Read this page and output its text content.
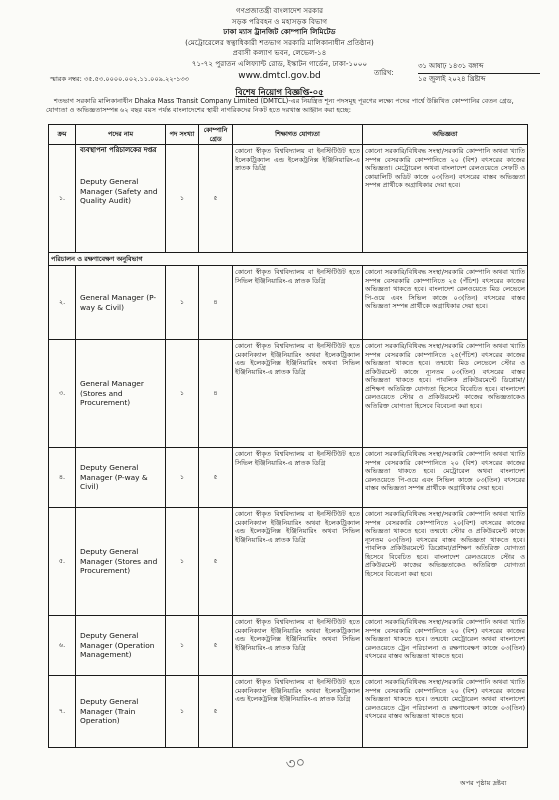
গণপ্রজাতন্ত্রী বাংলাদেশ সরকার
সড়ক পরিবহন ও মহাসড়ক বিভাগ
ঢাকা ম্যাস ট্রানজিট কোম্পানি লিমিটেড
(মেট্রোরেলের স্বত্বাধিকারী শতভাগ সরকারি মালিকানাধীন প্রতিষ্ঠান)
প্রবাসী কল্যাণ ভবন, লেভেল-১৪
৭১-৭২ পুরাতন এলিফ্যান্ট রোড, ইস্কাটন গার্ডেন, ঢাকা-১০০০
www.dmtcl.gov.bd	তারিখ:
৩১ আষাঢ় ১৪৩১ বঙ্গাব্দ
১৫ জুলাই ২০২৪ খ্রিষ্টাব্দ
স্মারক নম্বর: ৩৫.৫৩.০০০০.০০২.১১.০০৯.২২-১৩৩
বিশেষ নিয়োগ বিজ্ঞপ্তি-০৫
শতভাগ সরকারি মালিকানাধীন Dhaka Mass Transit Company Limited (DMTCL)-এর নিয়ন্ত্রিত শূন্য পদসমূহ পূরণের লক্ষ্যে পদের পার্শ্বে উল্লিখিত কোম্পানির বেতন গ্রেড, যোগ্যতা ও অভিজ্ঞতাসম্পন্ন ৬২ বছর বয়স পর্যন্ত বাংলাদেশের স্থায়ী নাগরিকদের নিকট হতে দরখাস্ত আহ্বান করা হচ্ছে:
ক্রম	পদের নাম	পদ সংখ্যা	কোম্পানি গ্রেড	শিক্ষাগত যোগ্যতা	অভিজ্ঞতা
১.	ব্যবস্থাপনা পরিচালকের দপ্তর
Deputy General Manager (Safety and Quality Audit)	১	৫	কোনো স্বীকৃত বিশ্ববিদ্যালয় বা ইনস্টিটিউট হতে ইলেকট্রিক্যাল এন্ড ইলেকট্রনিক্স ইঞ্জিনিয়ারিং-এ স্নাতক ডিগ্রি	কোনো সরকারি/বিধিবদ্ধ সংস্থা/সরকারি কোম্পানি অথবা খ্যাতি সম্পন্ন বেসরকারি কোম্পানিতে ২০ (বিশ) বৎসরের কাজের অভিজ্ঞতা। মেট্রোরেল অথবা বাংলাদেশ রেলওয়েতে সেফটি ও কোয়ালিটি অডিট কাজে ০৩(তিন) বৎসরের বাস্তব অভিজ্ঞতা সম্পন্ন প্রার্থীকে অগ্রাধিকার দেয়া হবে।
পরিচালন ও রক্ষণাবেক্ষণ অনুবিভাগ					
২.	General Manager (P-way & Civil)	১	৪	কোনো স্বীকৃত বিশ্ববিদ্যালয় বা ইনস্টিটিউট হতে সিভিল ইঞ্জিনিয়ারিং-এ স্নাতক ডিগ্রি	কোনো সরকারি/বিধিবদ্ধ সংস্থা/সরকারি কোম্পানি অথবা খ্যাতি সম্পন্ন বেসরকারি কোম্পানিতে ২৫ (পঁচিশ) বৎসরের কাজের অভিজ্ঞতা থাকতে হবে। বাংলাদেশ রেলওয়েতে মিড লেভেলে পি-ওয়ে এবং সিভিল কাজে ০৩(তিন) বৎসরের বাস্তব অভিজ্ঞতা সম্পন্ন প্রার্থীকে অগ্রাধিকার দেয়া হবে।
৩.	General Manager (Stores and Procurement)	১	৪	কোনো স্বীকৃত বিশ্ববিদ্যালয় বা ইনস্টিটিউট হতে মেকানিক্যাল ইঞ্জিনিয়ারিং অথবা ইলেকট্রিক্যাল এন্ড ইলেকট্রনিক্স ইঞ্জিনিয়ারিং অথবা সিভিল ইঞ্জিনিয়ারিং-এ স্নাতক ডিগ্রি	কোনো সরকারি/বিধিবদ্ধ সংস্থা/সরকারি কোম্পানি অথবা খ্যাতি সম্পন্ন বেসরকারি কোম্পানিতে ২৫(পঁচিশ) বৎসরের কাজের অভিজ্ঞতা থাকতে হবে। তন্মধ্যে মিড লেভেলে স্টোর ও প্রকিউরমেন্ট কাজে ন্যূনতম ০৩(তিন) বৎসরের বাস্তব অভিজ্ঞতা থাকতে হবে। পাবলিক প্রকিউরমেন্টে ডিপ্লোমা/প্রশিক্ষণ অতিরিক্ত যোগ্যতা হিসেবে বিবেচিত হবে। বাংলাদেশ রেলওয়েতে স্টোর ও প্রকিউরমেন্ট কাজের অভিজ্ঞতাকেও অতিরিক্ত যোগ্যতা হিসেবে বিবেচনা করা হবে।
৪.	Deputy General Manager (P-way & Civil)	১	৫	কোনো স্বীকৃত বিশ্ববিদ্যালয় বা ইনস্টিটিউট হতে সিভিল ইঞ্জিনিয়ারিং-এ স্নাতক ডিগ্রি	কোনো সরকারি/বিধিবদ্ধ সংস্থা/সরকারি কোম্পানি অথবা খ্যাতি সম্পন্ন বেসরকারি কোম্পানিতে ২০ (বিশ) বৎসরের কাজের অভিজ্ঞতা থাকতে হবে। মেট্রোরেল অথবা বাংলাদেশ রেলওয়েতে পি-ওয়ে এবং সিভিল কাজে ০৩(তিন) বৎসরের বাস্তব অভিজ্ঞতা সম্পন্ন প্রার্থীকে অগ্রাধিকার দেয়া হবে।
৫.	Deputy General Manager (Stores and Procurement)	১	৫	কোনো স্বীকৃত বিশ্ববিদ্যালয় বা ইনস্টিটিউট হতে মেকানিক্যাল ইঞ্জিনিয়ারিং অথবা ইলেকট্রিক্যাল এন্ড ইলেকট্রনিক্স ইঞ্জিনিয়ারিং অথবা সিভিল ইঞ্জিনিয়ারিং-এ স্নাতক ডিগ্রি	কোনো সরকারি/বিধিবদ্ধ সংস্থা/সরকারি কোম্পানি অথবা খ্যাতি সম্পন্ন বেসরকারি কোম্পানিতে ২০(বিশ) বৎসরের কাজের অভিজ্ঞতা থাকতে হবে। তন্মধ্যে স্টোর ও প্রকিউরমেন্ট কাজে ন্যূনতম ০৩(তিন) বৎসরের বাস্তব অভিজ্ঞতা থাকতে হবে। পাবলিক প্রকিউরমেন্টে ডিপ্লোমা/প্রশিক্ষণ অতিরিক্ত যোগ্যতা হিসেবে বিবেচিত হবে। বাংলাদেশ রেলওয়েতে স্টোর ও প্রকিউরমেন্ট কাজের অভিজ্ঞতাকেও অতিরিক্ত যোগ্যতা হিসেবে বিবেচনা করা হবে।
৬.	Deputy General Manager (Operation Management)	১	৫	কোনো স্বীকৃত বিশ্ববিদ্যালয় বা ইনস্টিটিউট হতে মেকানিক্যাল ইঞ্জিনিয়ারিং অথবা ইলেকট্রিক্যাল এন্ড ইলেকট্রনিক্স ইঞ্জিনিয়ারিং অথবা সিভিল ইঞ্জিনিয়ারিং-এ স্নাতক ডিগ্রি	কোনো সরকারি/বিধিবদ্ধ সংস্থা/সরকারি কোম্পানি অথবা খ্যাতি সম্পন্ন বেসরকারি কোম্পানিতে ২০ (বিশ) বৎসরের কাজের অভিজ্ঞতা থাকতে হবে। তন্মধ্যে মেট্রোরেল অথবা বাংলাদেশ রেলওয়েতে ট্রেন পরিচালনা ও রক্ষণাবেক্ষণ কাজে ০৩(তিন) বৎসরের বাস্তব অভিজ্ঞতা থাকতে হবে।
৭.	Deputy General Manager (Train Operation)	১	৫	কোনো স্বীকৃত বিশ্ববিদ্যালয় বা ইনস্টিটিউট হতে মেকানিক্যাল ইঞ্জিনিয়ারিং অথবা ইলেকট্রিক্যাল এন্ড ইলেকট্রনিক্স ইঞ্জিনিয়ারিং-এ স্নাতক ডিগ্রি	কোনো সরকারি/বিধিবদ্ধ সংস্থা/সরকারি কোম্পানি অথবা খ্যাতি সম্পন্ন বেসরকারি কোম্পানিতে ২০ (বিশ) বৎসরের কাজের অভিজ্ঞতা থাকতে হবে। তন্মধ্যে মেট্রোরেল অথবা বাংলাদেশ রেলওয়েতে ট্রেন পরিচালনা ও রক্ষণাবেক্ষণ কাজে ০৩(তিন) বৎসরের বাস্তব অভিজ্ঞতা থাকতে হবে।
৩০
অপর পৃষ্ঠায় দ্রষ্টব্য
